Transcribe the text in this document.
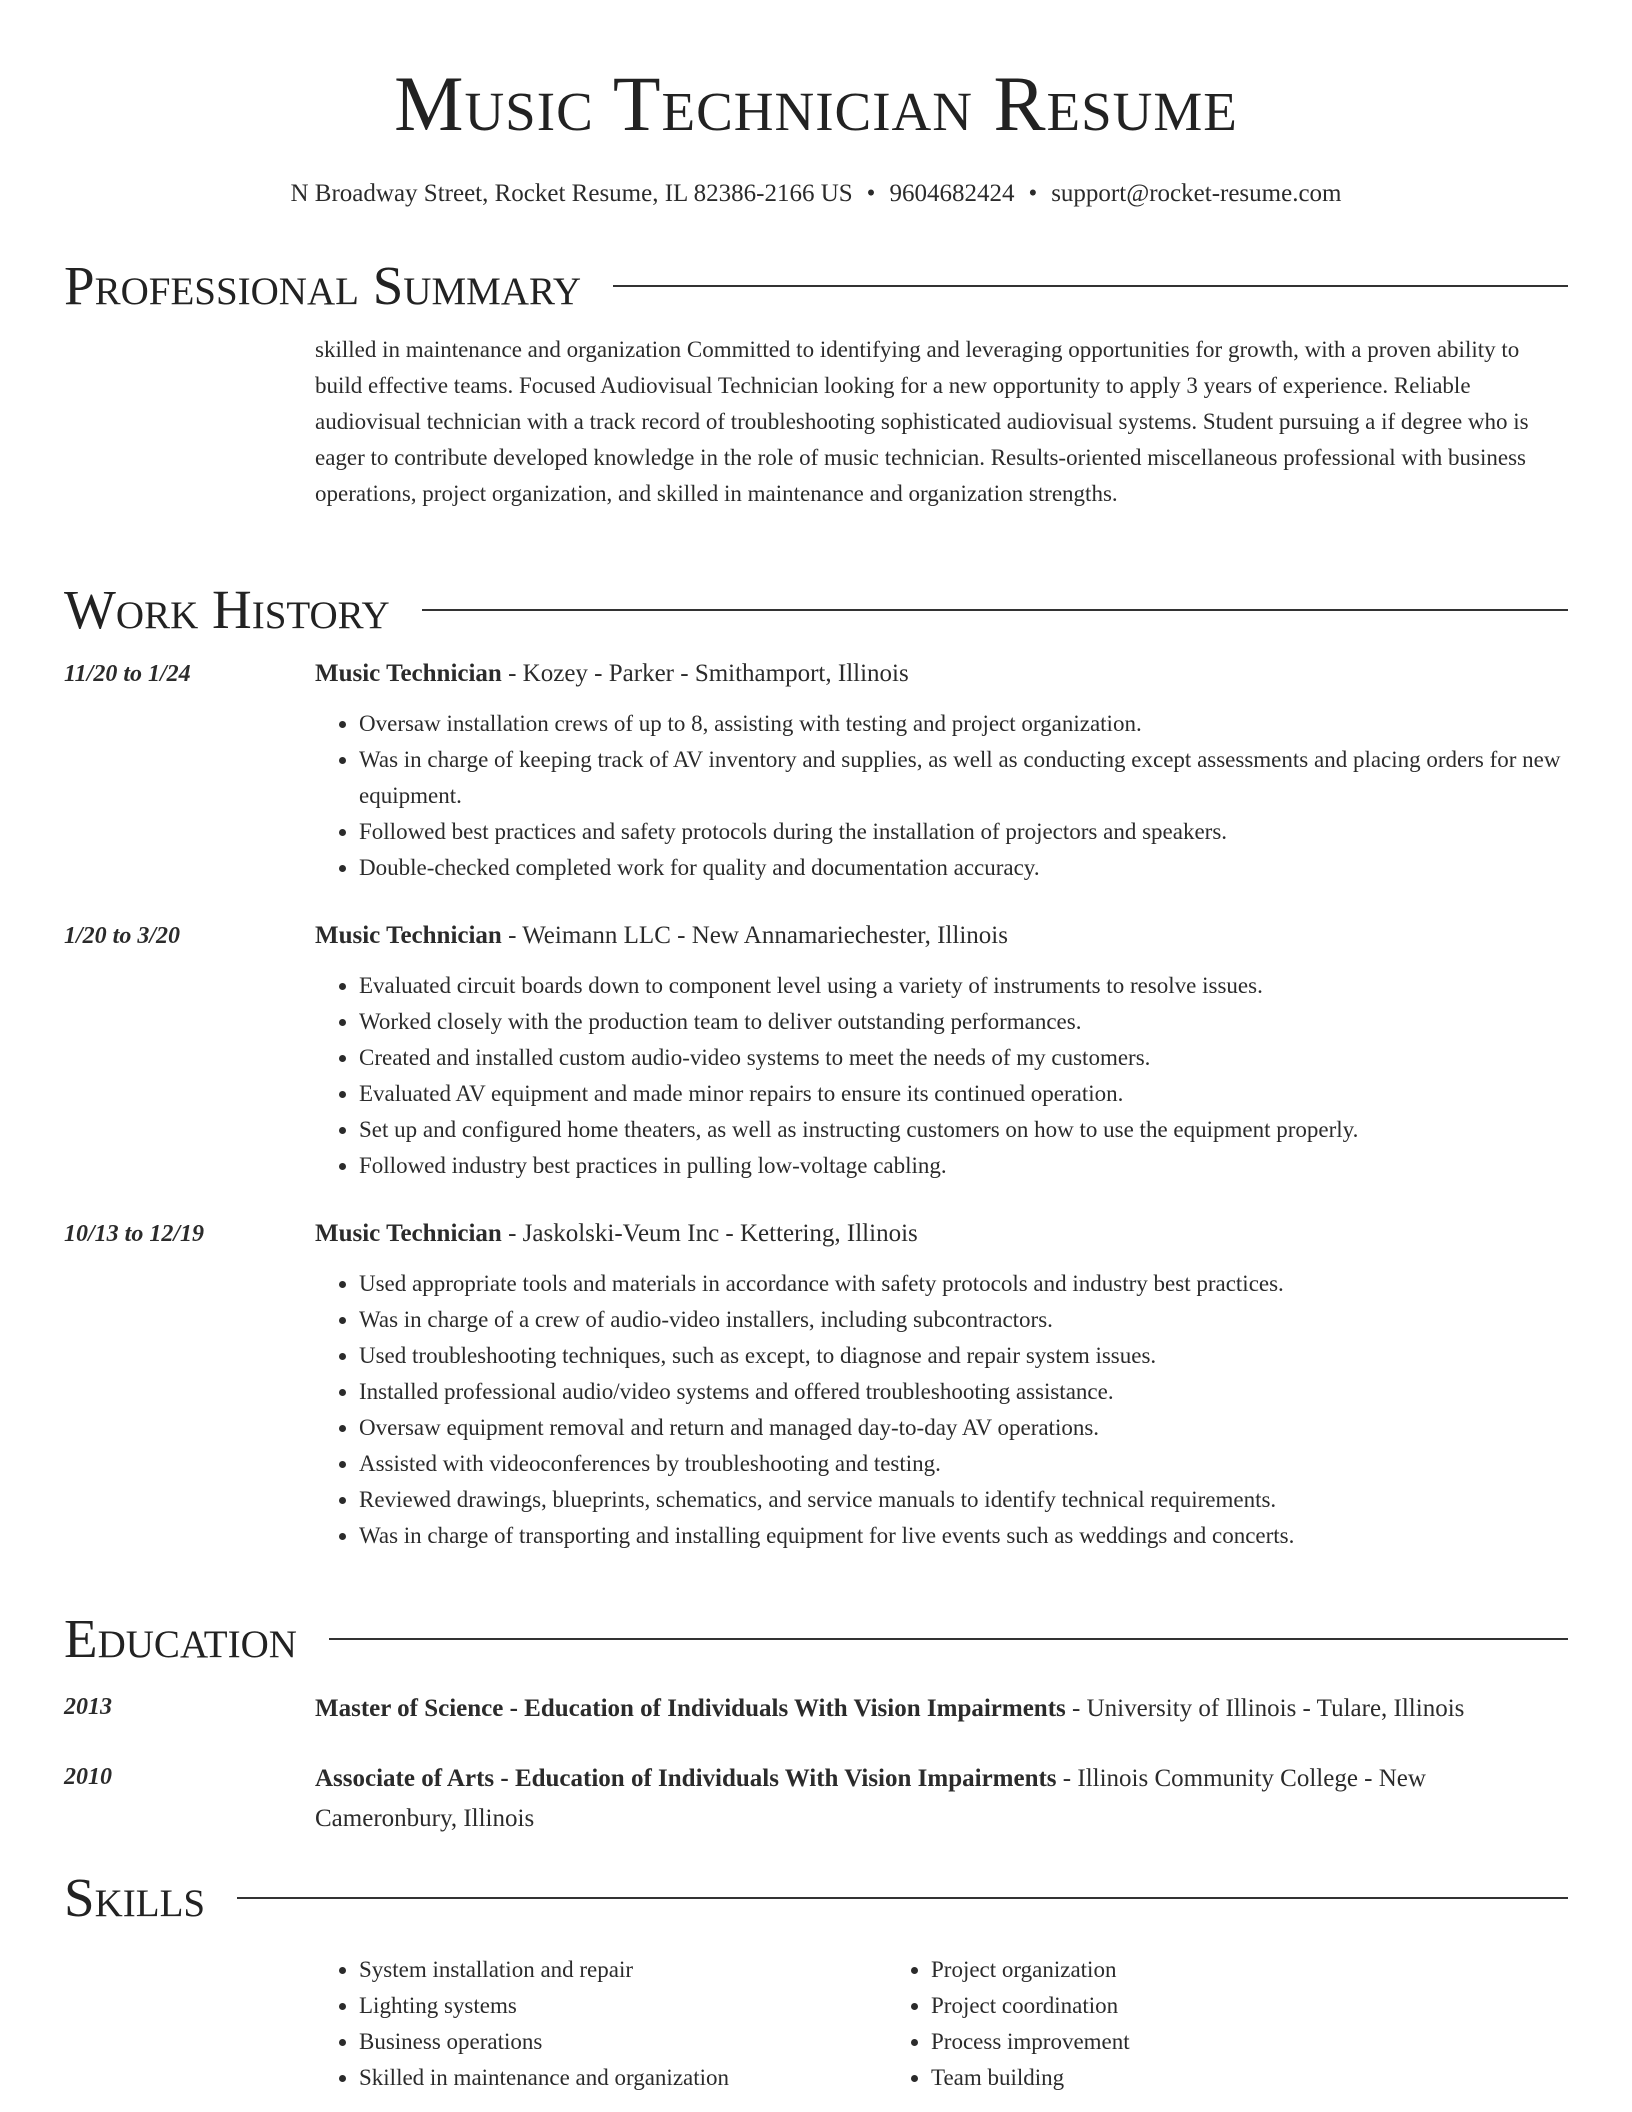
Music Technician Resume
N Broadway Street, Rocket Resume, IL 82386-2166 US • 9604682424 • support@rocket-resume.com
Professional Summary
skilled in maintenance and organization Committed to identifying and leveraging opportunities for growth, with a proven ability to build effective teams. Focused Audiovisual Technician looking for a new opportunity to apply 3 years of experience. Reliable audiovisual technician with a track record of troubleshooting sophisticated audiovisual systems. Student pursuing a if degree who is eager to contribute developed knowledge in the role of music technician. Results-oriented miscellaneous professional with business operations, project organization, and skilled in maintenance and organization strengths.
Work History
11/20 to 1/24	Music Technician - Kozey - Parker - Smithamport, Illinois
• Oversaw installation crews of up to 8, assisting with testing and project organization.
• Was in charge of keeping track of AV inventory and supplies, as well as conducting except assessments and placing orders for new equipment.
• Followed best practices and safety protocols during the installation of projectors and speakers.
• Double-checked completed work for quality and documentation accuracy.
1/20 to 3/20	Music Technician - Weimann LLC - New Annamariechester, Illinois
• Evaluated circuit boards down to component level using a variety of instruments to resolve issues.
• Worked closely with the production team to deliver outstanding performances.
• Created and installed custom audio-video systems to meet the needs of my customers.
• Evaluated AV equipment and made minor repairs to ensure its continued operation.
• Set up and configured home theaters, as well as instructing customers on how to use the equipment properly.
• Followed industry best practices in pulling low-voltage cabling.
10/13 to 12/19	Music Technician - Jaskolski-Veum Inc - Kettering, Illinois
• Used appropriate tools and materials in accordance with safety protocols and industry best practices.
• Was in charge of a crew of audio-video installers, including subcontractors.
• Used troubleshooting techniques, such as except, to diagnose and repair system issues.
• Installed professional audio/video systems and offered troubleshooting assistance.
• Oversaw equipment removal and return and managed day-to-day AV operations.
• Assisted with videoconferences by troubleshooting and testing.
• Reviewed drawings, blueprints, schematics, and service manuals to identify technical requirements.
• Was in charge of transporting and installing equipment for live events such as weddings and concerts.
Education
2013	Master of Science - Education of Individuals With Vision Impairments - University of Illinois - Tulare, Illinois
2010	Associate of Arts - Education of Individuals With Vision Impairments - Illinois Community College - New Cameronbury, Illinois
Skills
• System installation and repair
• Lighting systems
• Business operations
• Skilled in maintenance and organization
• Project organization
• Project coordination
• Process improvement
• Team building
